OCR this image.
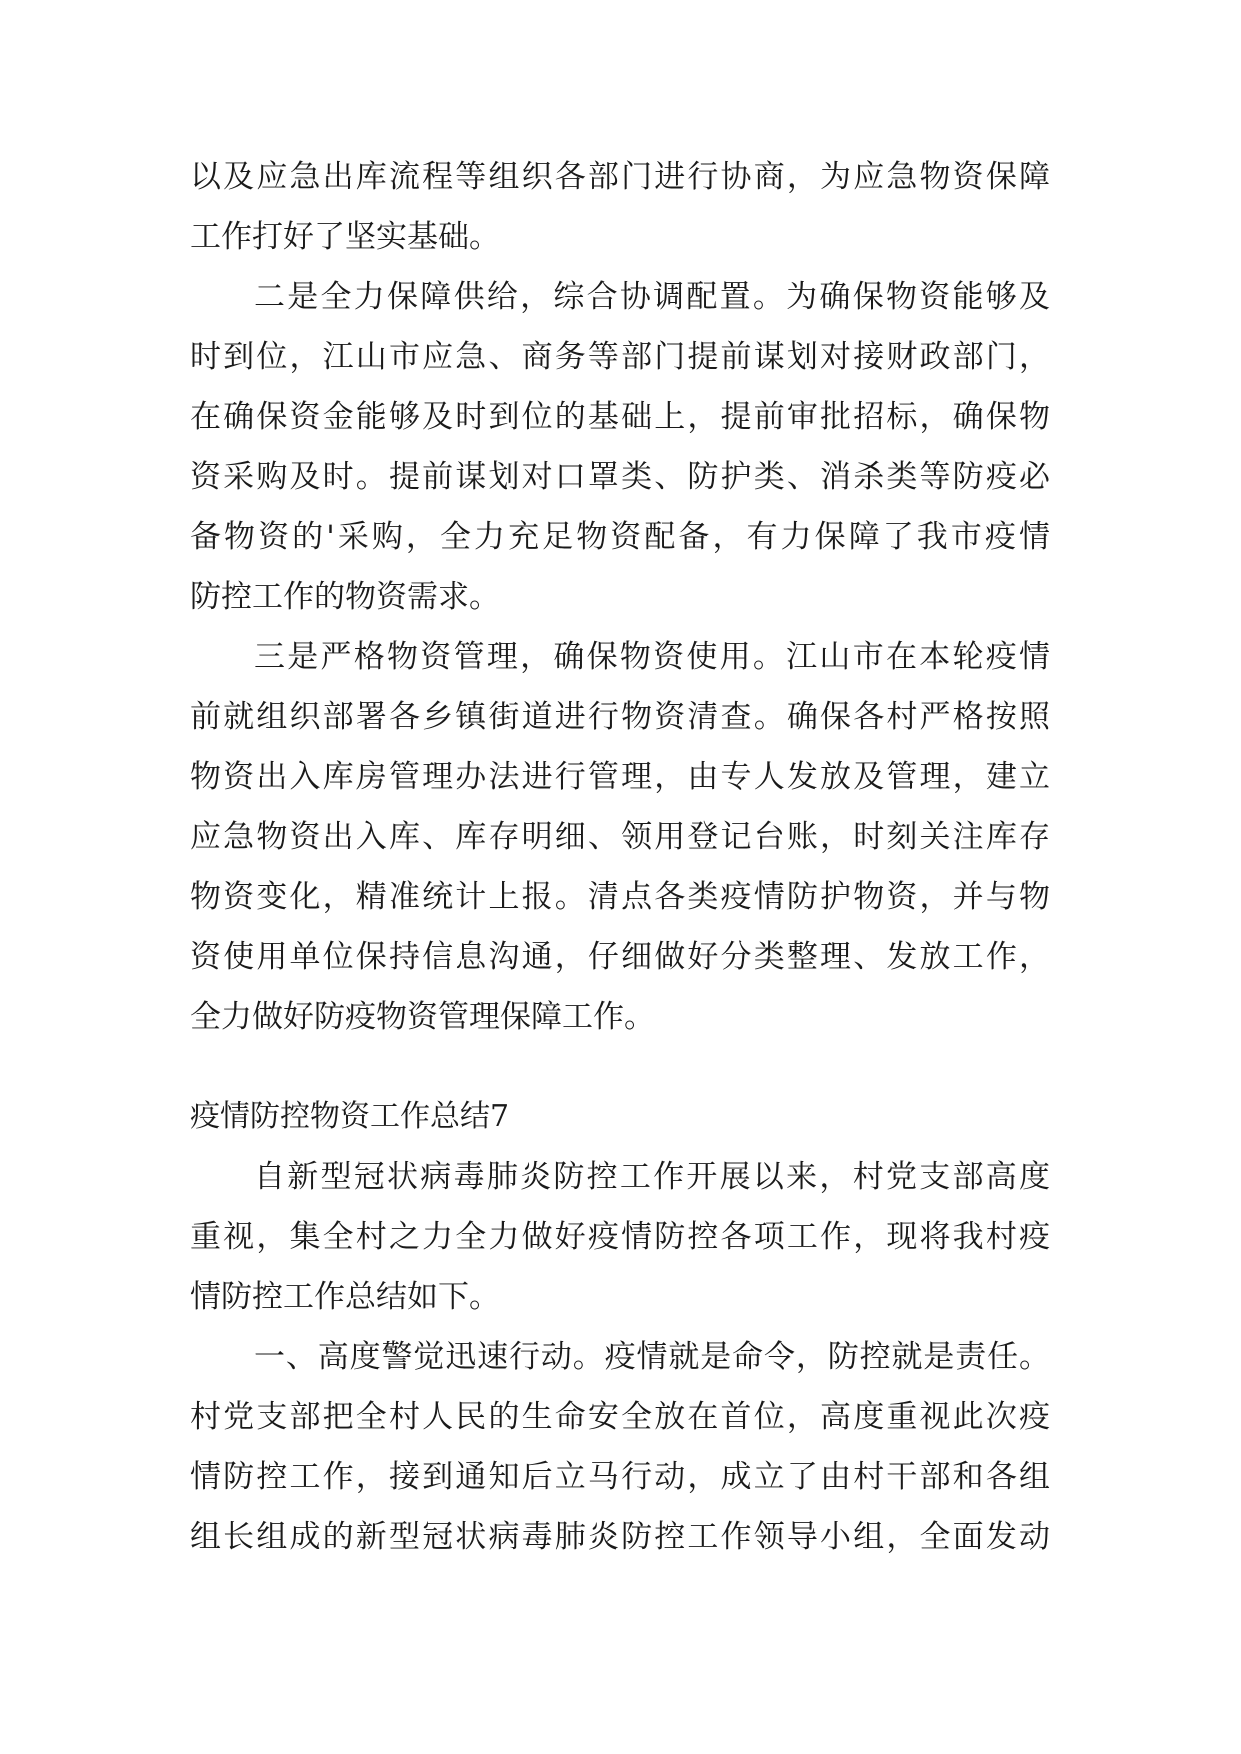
以及应急出库流程等组织各部门进行协商，为应急物资保障
工作打好了坚实基础。
二是全力保障供给，综合协调配置。为确保物资能够及
时到位，江山市应急、商务等部门提前谋划对接财政部门，
在确保资金能够及时到位的基础上，提前审批招标，确保物
资采购及时。提前谋划对口罩类、防护类、消杀类等防疫必
备物资的'采购，全力充足物资配备，有力保障了我市疫情
防控工作的物资需求。
三是严格物资管理，确保物资使用。江山市在本轮疫情
前就组织部署各乡镇街道进行物资清查。确保各村严格按照
物资出入库房管理办法进行管理，由专人发放及管理，建立
应急物资出入库、库存明细、领用登记台账，时刻关注库存
物资变化，精准统计上报。清点各类疫情防护物资，并与物
资使用单位保持信息沟通，仔细做好分类整理、发放工作，
全力做好防疫物资管理保障工作。
疫情防控物资工作总结7
自新型冠状病毒肺炎防控工作开展以来，村党支部高度
重视，集全村之力全力做好疫情防控各项工作，现将我村疫
情防控工作总结如下。
一、高度警觉迅速行动。疫情就是命令，防控就是责任。
村党支部把全村人民的生命安全放在首位，高度重视此次疫
情防控工作，接到通知后立马行动，成立了由村干部和各组
组长组成的新型冠状病毒肺炎防控工作领导小组，全面发动
